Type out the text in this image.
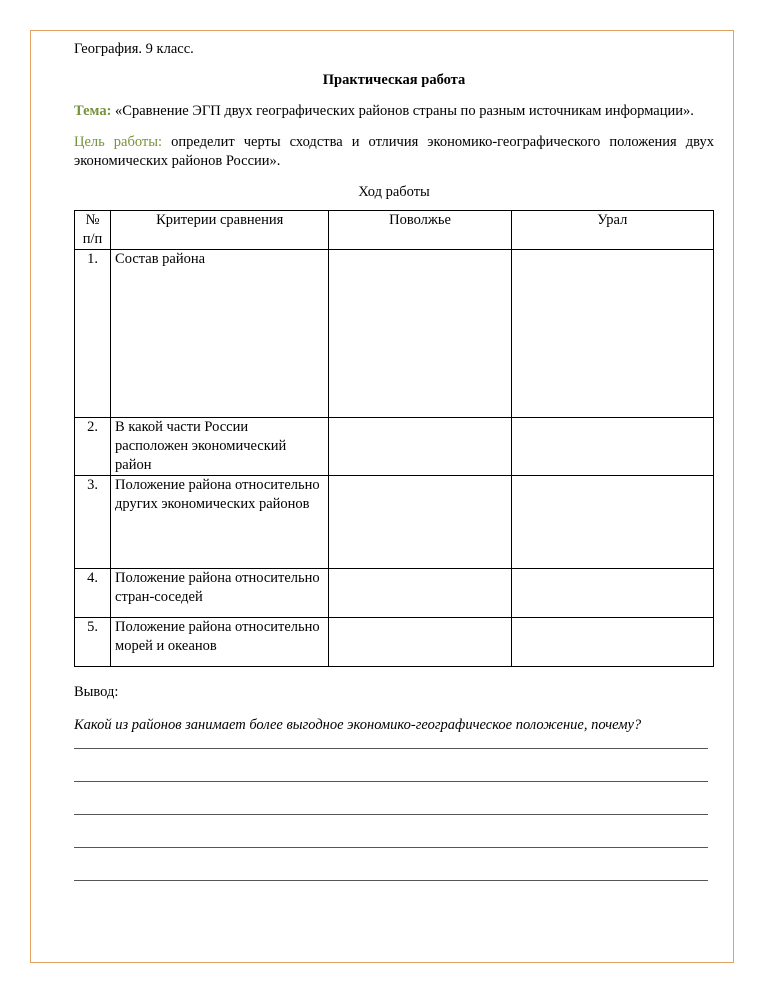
География. 9 класс.

Практическая работа

Тема: «Сравнение ЭГП двух географических районов страны по разным источникам информации».

Цель работы: определит черты сходства и отличия экономико-географического положения двух экономических районов России».

Ход работы

№ п/п	Критерии сравнения	Поволжье	Урал
1.	Состав района		
2.	В какой части России расположен экономический район		
3.	Положение района относительно других экономических районов		
4.	Положение района относительно стран-соседей		
5.	Положение района относительно морей и океанов		

Вывод:

Какой из районов занимает более выгодное экономико-географическое положение, почему?
